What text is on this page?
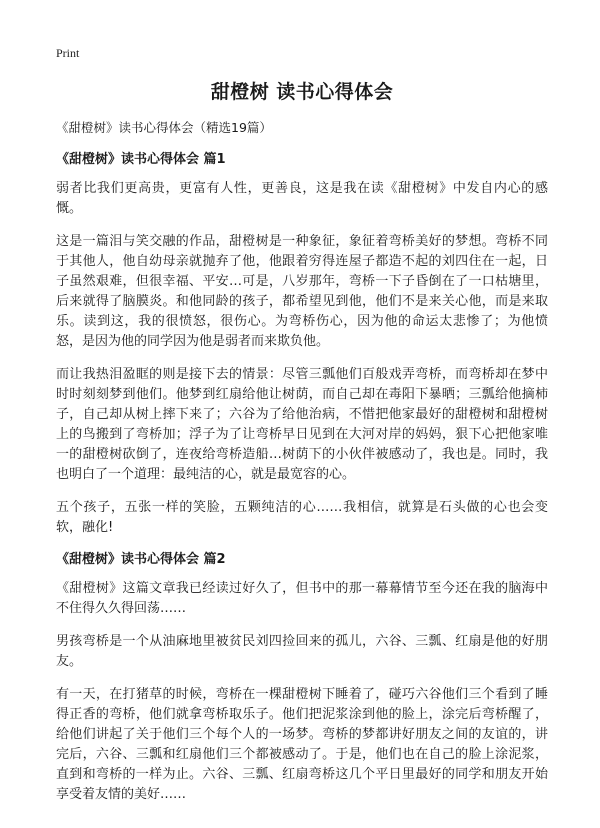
Print
甜橙树 读书心得体会

《甜橙树》读书心得体会（精选19篇）

《甜橙树》读书心得体会 篇1

弱者比我们更高贵，更富有人性，更善良，这是我在读《甜橙树》中发自内心的感慨。

这是一篇泪与笑交融的作品，甜橙树是一种象征，象征着弯桥美好的梦想。弯桥不同于其他人，他自幼母亲就抛弃了他，他跟着穷得连屋子都造不起的刘四住在一起，日子虽然艰难，但很幸福、平安…可是，八岁那年，弯桥一下子昏倒在了一口枯塘里，后来就得了脑膜炎。和他同龄的孩子，都希望见到他，他们不是来关心他，而是来取乐。读到这，我的很愤怒，很伤心。为弯桥伤心，因为他的命运太悲惨了；为他愤怒，是因为他的同学因为他是弱者而来欺负他。

而让我热泪盈眶的则是接下去的情景：尽管三瓢他们百般戏弄弯桥，而弯桥却在梦中时时刻刻梦到他们。他梦到红扇给他让树荫，而自己却在毒阳下暴晒；三瓢给他摘柿子，自己却从树上摔下来了；六谷为了给他治病，不惜把他家最好的甜橙树和甜橙树上的鸟搬到了弯桥加；浮子为了让弯桥早日见到在大河对岸的妈妈，狠下心把他家唯一的甜橙树砍倒了，连夜给弯桥造船…树荫下的小伙伴被感动了，我也是。同时，我也明白了一个道理：最纯洁的心，就是最宽容的心。

五个孩子，五张一样的笑脸，五颗纯洁的心……我相信，就算是石头做的心也会变软，融化!

《甜橙树》读书心得体会 篇2

《甜橙树》这篇文章我已经读过好久了，但书中的那一幕幕情节至今还在我的脑海中不住得久久得回荡……

男孩弯桥是一个从油麻地里被贫民刘四捡回来的孤儿，六谷、三瓢、红扇是他的好朋友。

有一天，在打猪草的时候，弯桥在一棵甜橙树下睡着了，碰巧六谷他们三个看到了睡得正香的弯桥，他们就拿弯桥取乐子。他们把泥浆涂到他的脸上，涂完后弯桥醒了，给他们讲起了关于他们三个每个人的一场梦。弯桥的梦都讲好朋友之间的友谊的，讲完后，六谷、三瓢和红扇他们三个都被感动了。于是，他们也在自己的脸上涂泥浆，直到和弯桥的一样为止。六谷、三瓢、红扇弯桥这几个平日里最好的同学和朋友开始享受着友情的美好……
